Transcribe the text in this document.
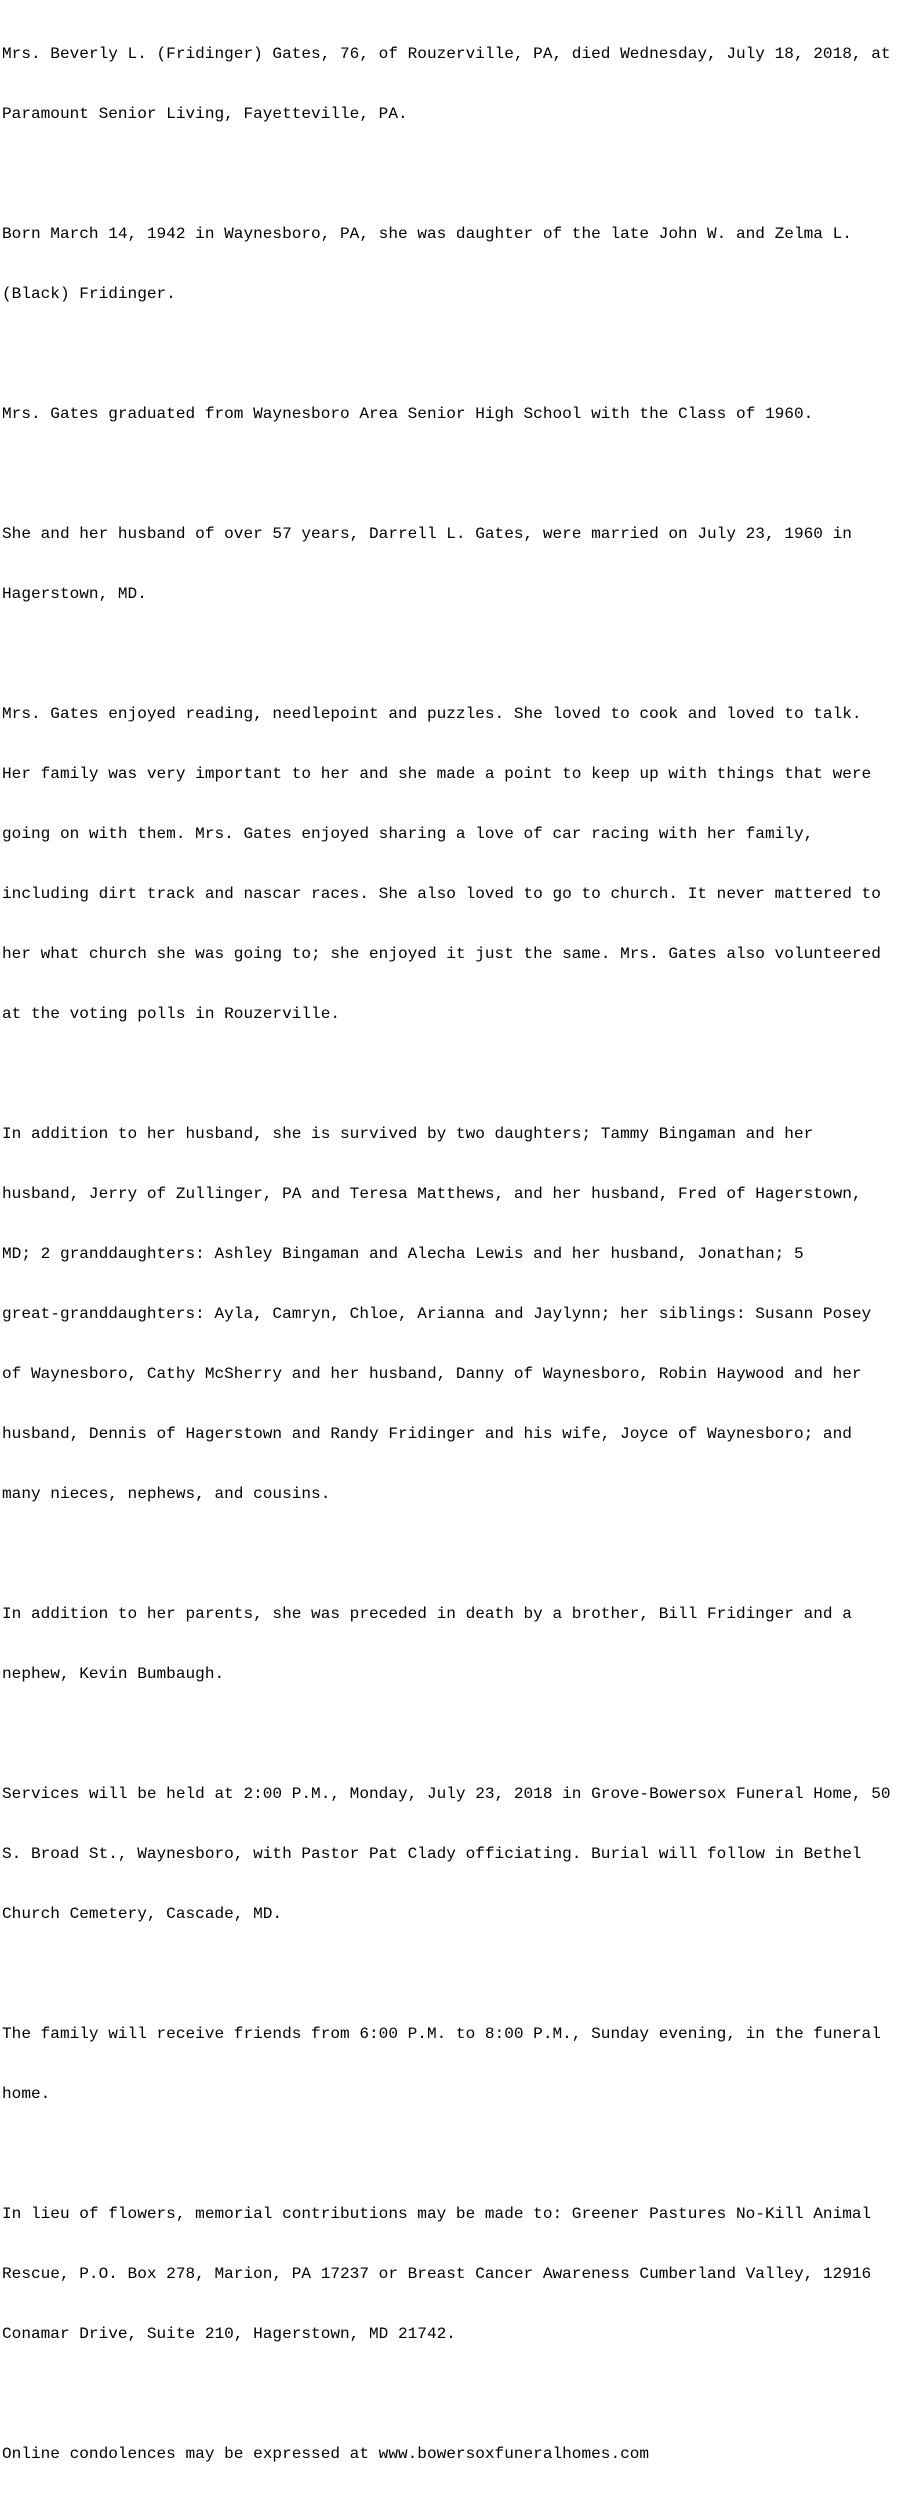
Mrs. Beverly L. (Fridinger) Gates, 76, of Rouzerville, PA, died Wednesday, July 18, 2018, at

Paramount Senior Living, Fayetteville, PA.

Born March 14, 1942 in Waynesboro, PA, she was daughter of the late John W. and Zelma L.

(Black) Fridinger.

Mrs. Gates graduated from Waynesboro Area Senior High School with the Class of 1960.

She and her husband of over 57 years, Darrell L. Gates, were married on July 23, 1960 in

Hagerstown, MD.

Mrs. Gates enjoyed reading, needlepoint and puzzles. She loved to cook and loved to talk.

Her family was very important to her and she made a point to keep up with things that were

going on with them. Mrs. Gates enjoyed sharing a love of car racing with her family,

including dirt track and nascar races. She also loved to go to church. It never mattered to

her what church she was going to; she enjoyed it just the same. Mrs. Gates also volunteered

at the voting polls in Rouzerville.

In addition to her husband, she is survived by two daughters; Tammy Bingaman and her

husband, Jerry of Zullinger, PA and Teresa Matthews, and her husband, Fred of Hagerstown,

MD; 2 granddaughters: Ashley Bingaman and Alecha Lewis and her husband, Jonathan; 5

great-granddaughters: Ayla, Camryn, Chloe, Arianna and Jaylynn; her siblings: Susann Posey

of Waynesboro, Cathy McSherry and her husband, Danny of Waynesboro, Robin Haywood and her

husband, Dennis of Hagerstown and Randy Fridinger and his wife, Joyce of Waynesboro; and

many nieces, nephews, and cousins.

In addition to her parents, she was preceded in death by a brother, Bill Fridinger and a

nephew, Kevin Bumbaugh.

Services will be held at 2:00 P.M., Monday, July 23, 2018 in Grove-Bowersox Funeral Home, 50

S. Broad St., Waynesboro, with Pastor Pat Clady officiating. Burial will follow in Bethel

Church Cemetery, Cascade, MD.

The family will receive friends from 6:00 P.M. to 8:00 P.M., Sunday evening, in the funeral

home.

In lieu of flowers, memorial contributions may be made to: Greener Pastures No-Kill Animal

Rescue, P.O. Box 278, Marion, PA 17237 or Breast Cancer Awareness Cumberland Valley, 12916

Conamar Drive, Suite 210, Hagerstown, MD 21742.

Online condolences may be expressed at www.bowersoxfuneralhomes.com
